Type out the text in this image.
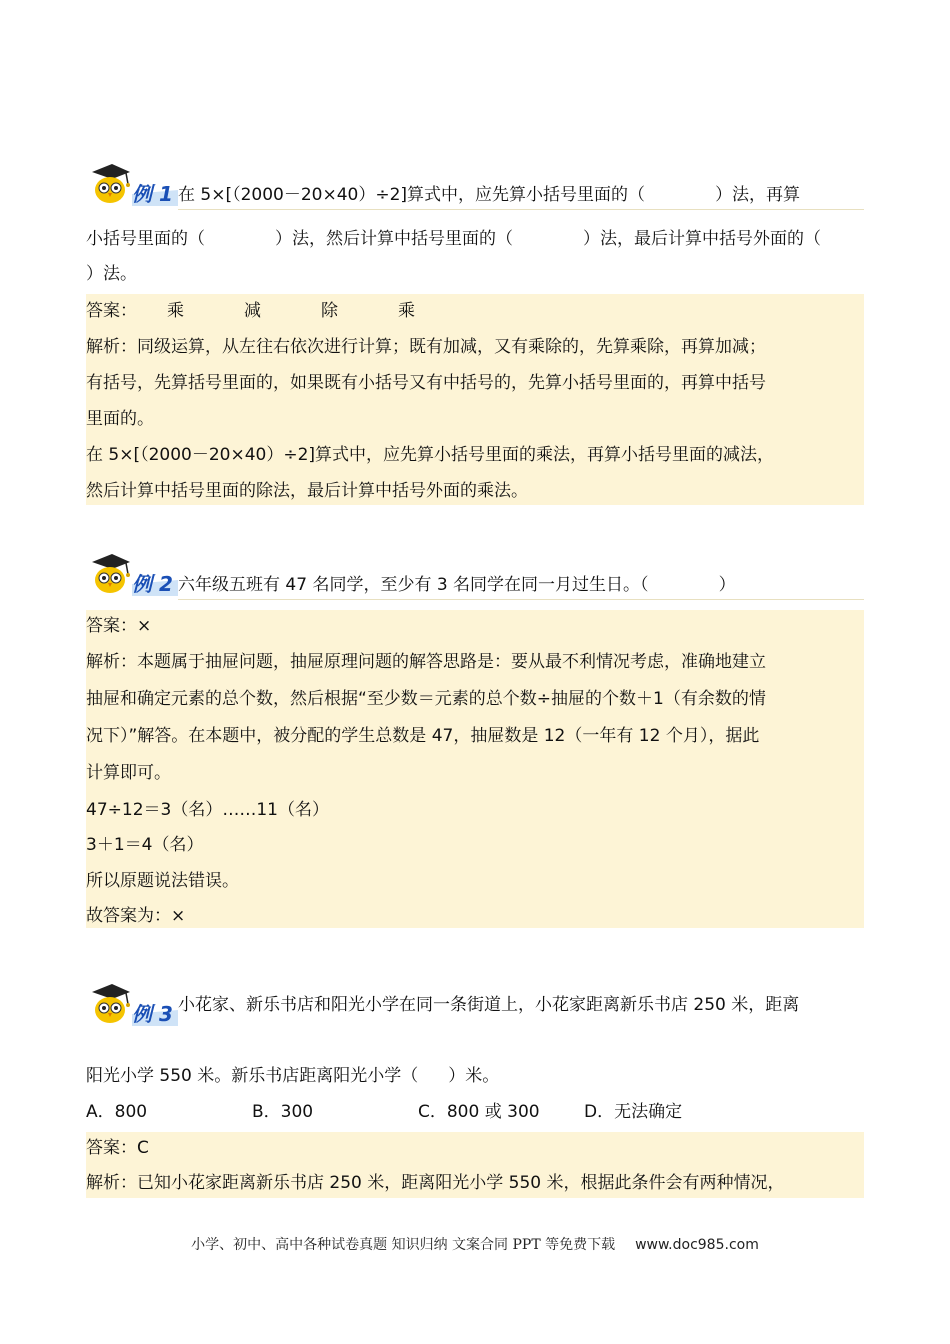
例 1 在 5×[（2000－20×40）÷2]算式中，应先算小括号里面的（	）法，再算
小括号里面的（	）法，然后计算中括号里面的（	）法，最后计算中括号外面的（
）法。
答案： 乘	减	除	乘
解析：同级运算，从左往右依次进行计算；既有加减，又有乘除的，先算乘除，再算加减；
有括号，先算括号里面的，如果既有小括号又有中括号的，先算小括号里面的，再算中括号
里面的。
在 5×[（2000－20×40）÷2]算式中，应先算小括号里面的乘法，再算小括号里面的减法，
然后计算中括号里面的除法，最后计算中括号外面的乘法。
例 2 六年级五班有 47 名同学，至少有 3 名同学在同一月过生日。（	）
答案：×
解析：本题属于抽屉问题，抽屉原理问题的解答思路是：要从最不利情况考虑，准确地建立
抽屉和确定元素的总个数，然后根据“至少数＝元素的总个数÷抽屉的个数＋1（有余数的情
况下）”解答。在本题中，被分配的学生总数是 47，抽屉数是 12（一年有 12 个月），据此
计算即可。
47÷12＝3（名）……11（名）
3＋1＝4（名）
所以原题说法错误。
故答案为：×
例 3 小花家、新乐书店和阳光小学在同一条街道上，小花家距离新乐书店 250 米，距离
阳光小学 550 米。新乐书店距离阳光小学（ ）米。
A．800	B．300	C．800 或 300	D．无法确定
答案：C
解析：已知小花家距离新乐书店 250 米，距离阳光小学 550 米，根据此条件会有两种情况，
小学、初中、高中各种试卷真题 知识归纳 文案合同 PPT 等免费下载 www.doc985.com
